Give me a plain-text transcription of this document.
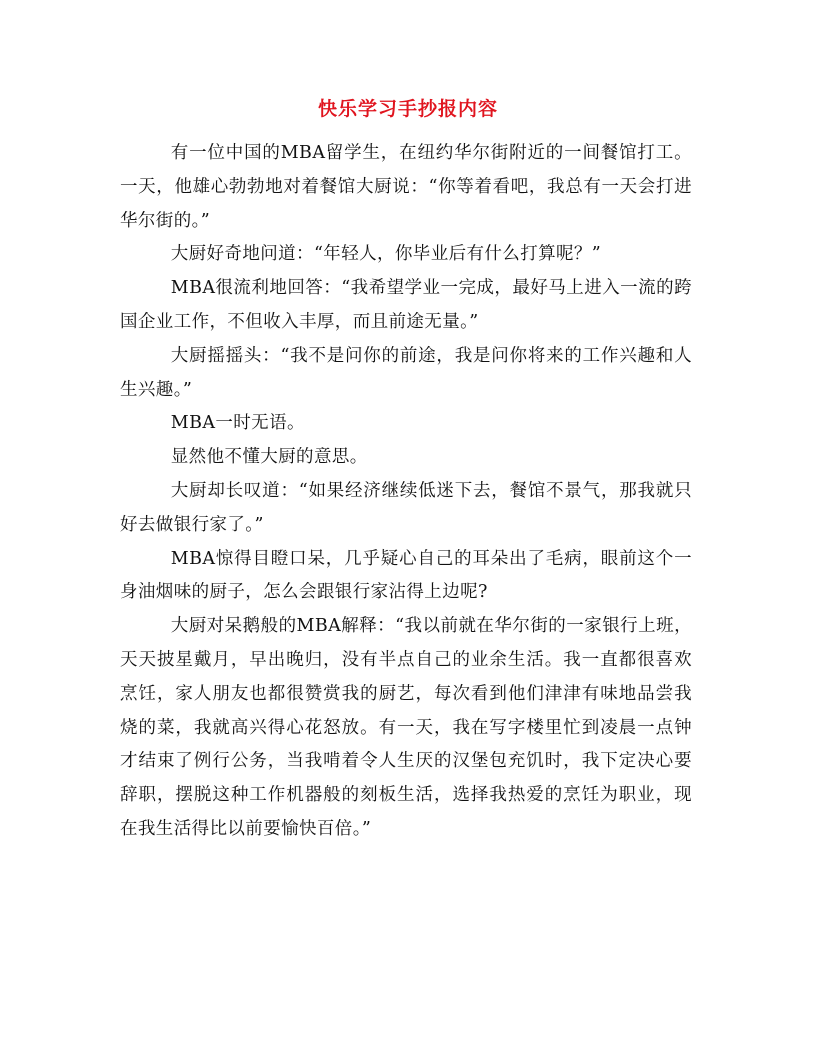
快乐学习手抄报内容

有一位中国的MBA留学生，在纽约华尔街附近的一间餐馆打工。一天，他雄心勃勃地对着餐馆大厨说：“你等着看吧，我总有一天会打进华尔街的。”

大厨好奇地问道：“年轻人，你毕业后有什么打算呢？”

MBA很流利地回答：“我希望学业一完成，最好马上进入一流的跨国企业工作，不但收入丰厚，而且前途无量。”

大厨摇摇头：“我不是问你的前途，我是问你将来的工作兴趣和人生兴趣。”

MBA一时无语。

显然他不懂大厨的意思。

大厨却长叹道：“如果经济继续低迷下去，餐馆不景气，那我就只好去做银行家了。”

MBA惊得目瞪口呆，几乎疑心自己的耳朵出了毛病，眼前这个一身油烟味的厨子，怎么会跟银行家沾得上边呢?

大厨对呆鹅般的MBA解释：“我以前就在华尔街的一家银行上班，天天披星戴月，早出晚归，没有半点自己的业余生活。我一直都很喜欢烹饪，家人朋友也都很赞赏我的厨艺，每次看到他们津津有味地品尝我烧的菜，我就高兴得心花怒放。有一天，我在写字楼里忙到凌晨一点钟才结束了例行公务，当我啃着令人生厌的汉堡包充饥时，我下定决心要辞职，摆脱这种工作机器般的刻板生活，选择我热爱的烹饪为职业，现在我生活得比以前要愉快百倍。”
